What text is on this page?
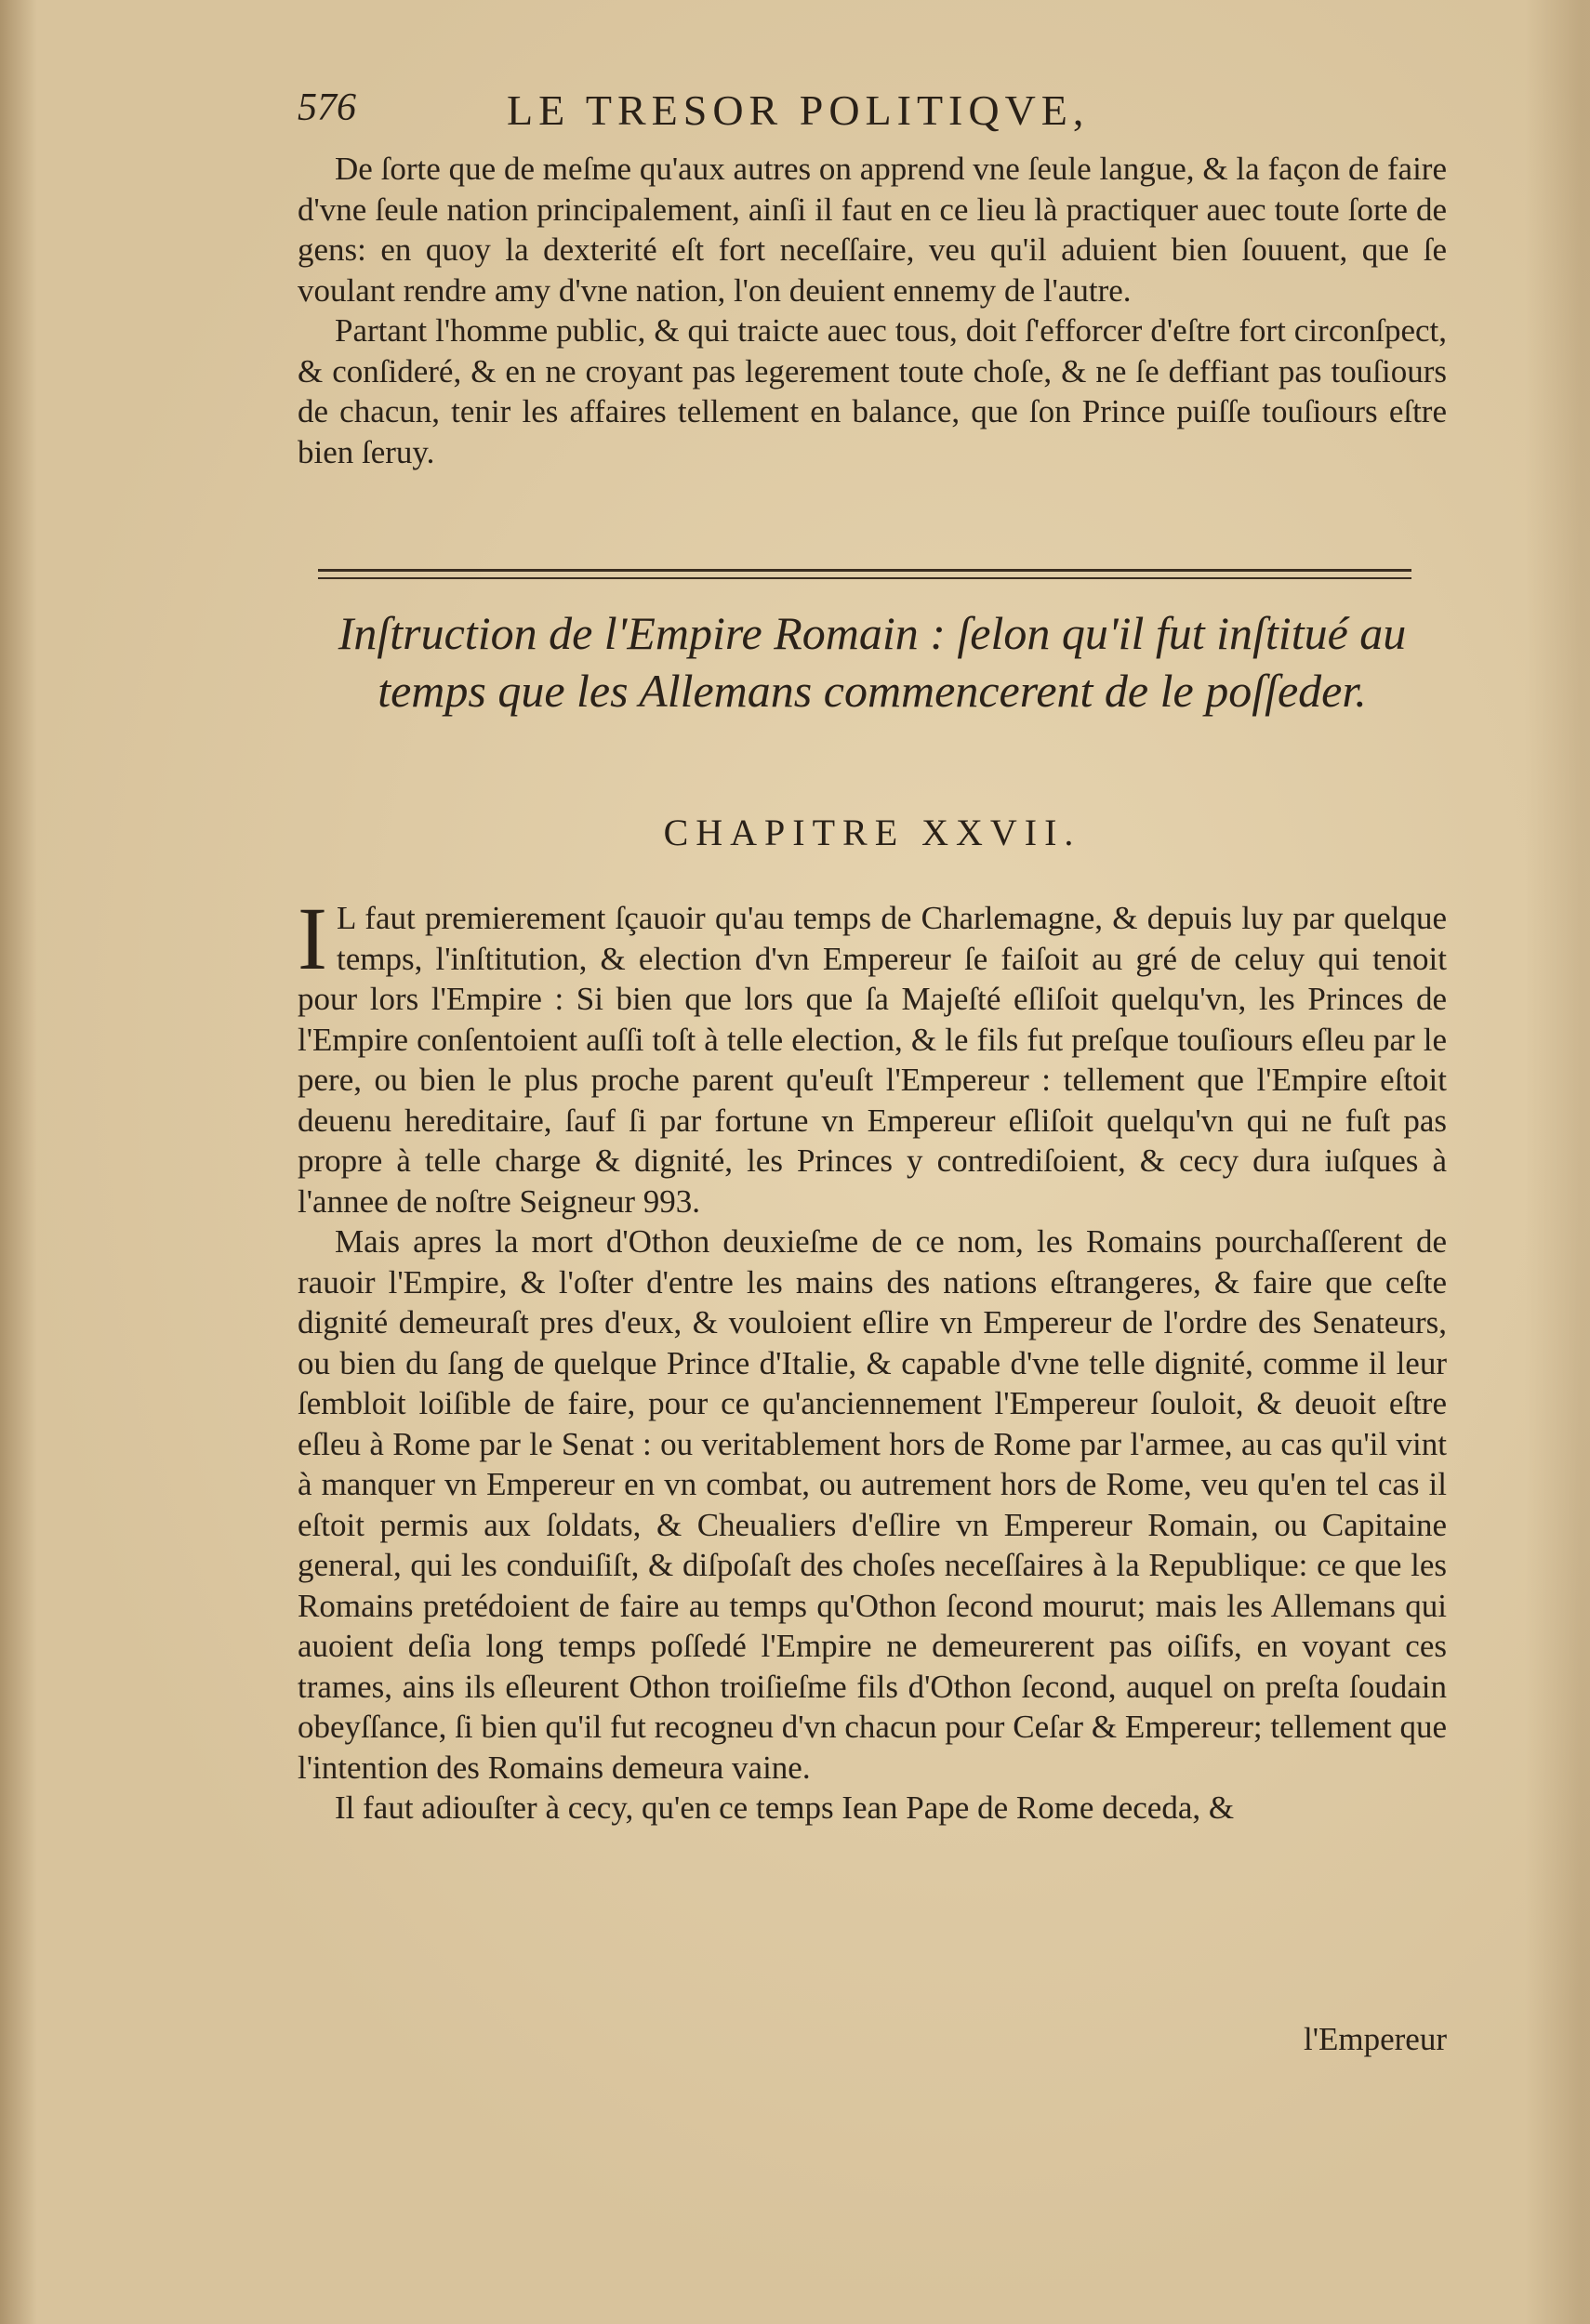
576	LE TRESOR POLITIQVE,

De ſorte que de meſme qu'aux autres on apprend vne ſeule langue, & la façon de faire d'vne ſeule nation principalement, ainſi il faut en ce lieu là practiquer auec toute ſorte de gens: en quoy la dexterité eſt fort neceſſaire, veu qu'il aduient bien ſouuent, que ſe voulant rendre amy d'vne nation, l'on deuient ennemy de l'autre.

Partant l'homme public, & qui traicte auec tous, doit ſ'efforcer d'eſtre fort circonſpect, & conſideré, & en ne croyant pas legerement toute choſe, & ne ſe deffiant pas touſiours de chacun, tenir les affaires tellement en balance, que ſon Prince puiſſe touſiours eſtre bien ſeruy.

Inſtruction de l'Empire Romain : ſelon qu'il fut inſtitué au temps que les Allemans commencerent de le poſſeder.
CHAPITRE XXVII.

I L faut premierement ſçauoir qu'au temps de Charlemagne, & depuis luy par quelque temps, l'inſtitution, & election d'vn Empereur ſe faiſoit au gré de celuy qui tenoit pour lors l'Empire : Si bien que lors que ſa Majeſté eſliſoit quelqu'vn, les Princes de l'Empire conſentoient auſſi toſt à telle election, & le fils fut preſque touſiours eſleu par le pere, ou bien le plus proche parent qu'euſt l'Empereur : tellement que l'Empire eſtoit deuenu hereditaire, ſauf ſi par fortune vn Empereur eſliſoit quelqu'vn qui ne fuſt pas propre à telle charge & dignité, les Princes y contrediſoient, & cecy dura iuſques à l'annee de noſtre Seigneur 993.

Mais apres la mort d'Othon deuxieſme de ce nom, les Romains pourchaſſerent de rauoir l'Empire, & l'oſter d'entre les mains des nations eſtrangeres, & faire que ceſte dignité demeuraſt pres d'eux, & vouloient eſlire vn Empereur de l'ordre des Senateurs, ou bien du ſang de quelque Prince d'Italie, & capable d'vne telle dignité, comme il leur ſembloit loiſible de faire, pour ce qu'anciennement l'Empereur ſouloit, & deuoit eſtre eſleu à Rome par le Senat : ou veritablement hors de Rome par l'armee, au cas qu'il vint à manquer vn Empereur en vn combat, ou autrement hors de Rome, veu qu'en tel cas il eſtoit permis aux ſoldats, & Cheualiers d'eſlire vn Empereur Romain, ou Capitaine general, qui les conduiſiſt, & diſpoſaſt des choſes neceſſaires à la Republique: ce que les Romains pretédoient de faire au temps qu'Othon ſecond mourut; mais les Allemans qui auoient deſia long temps poſſedé l'Empire ne demeurerent pas oiſifs, en voyant ces trames, ains ils eſleurent Othon troiſieſme fils d'Othon ſecond, auquel on preſta ſoudain obeyſſance, ſi bien qu'il fut recogneu d'vn chacun pour Ceſar & Empereur; tellement que l'intention des Romains demeura vaine.

Il faut adiouſter à cecy, qu'en ce temps Iean Pape de Rome deceda, &

l'Empereur
